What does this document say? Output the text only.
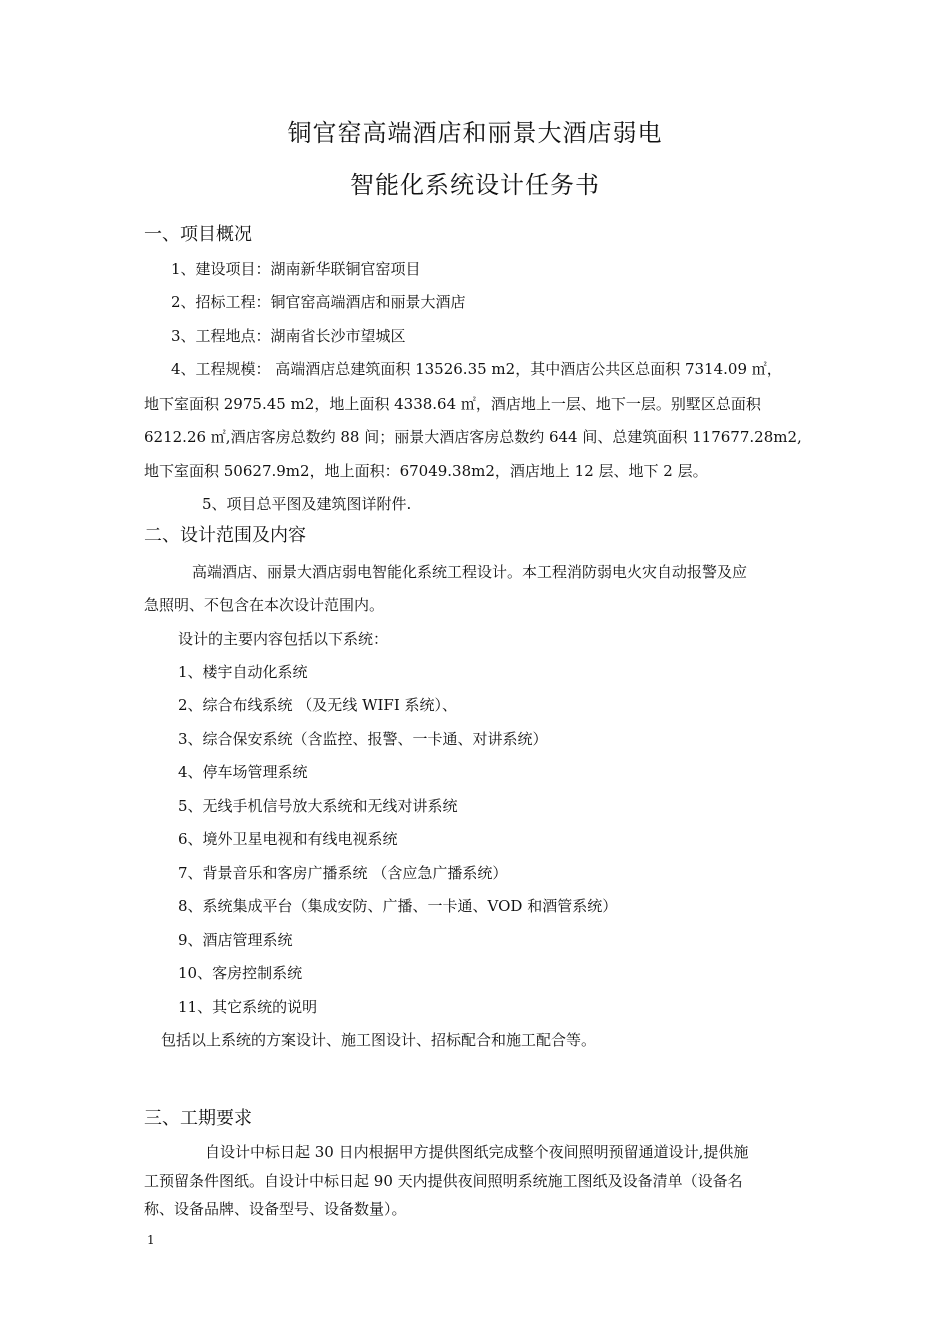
铜官窑高端酒店和丽景大酒店弱电
智能化系统设计任务书
一、项目概况
1、建设项目：湖南新华联铜官窑项目
2、招标工程：铜官窑高端酒店和丽景大酒店
3、工程地点：湖南省长沙市望城区
4、工程规模： 高端酒店总建筑面积 13526.35 m2，其中酒店公共区总面积 7314.09 ㎡，
地下室面积 2975.45 m2，地上面积 4338.64 ㎡，酒店地上一层、地下一层。别墅区总面积
6212.26 ㎡,酒店客房总数约 88 间；丽景大酒店客房总数约 644 间、总建筑面积 117677.28m2,
地下室面积 50627.9m2，地上面积：67049.38m2，酒店地上 12 层、地下 2 层。
5、项目总平图及建筑图详附件.
二、设计范围及内容
高端酒店、丽景大酒店弱电智能化系统工程设计。本工程消防弱电火灾自动报警及应
急照明、不包含在本次设计范围内。
设计的主要内容包括以下系统：
1、楼宇自动化系统
2、综合布线系统 （及无线 WIFI 系统）、
3、综合保安系统（含监控、报警、一卡通、对讲系统）
4、停车场管理系统
5、无线手机信号放大系统和无线对讲系统
6、境外卫星电视和有线电视系统
7、背景音乐和客房广播系统 （含应急广播系统）
8、系统集成平台（集成安防、广播、一卡通、VOD 和酒管系统）
9、酒店管理系统
10、客房控制系统
11、其它系统的说明
包括以上系统的方案设计、施工图设计、招标配合和施工配合等。
三、工期要求
自设计中标日起 30 日内根据甲方提供图纸完成整个夜间照明预留通道设计,提供施
工预留条件图纸。自设计中标日起 90 天内提供夜间照明系统施工图纸及设备清单（设备名
称、设备品牌、设备型号、设备数量）。
1
